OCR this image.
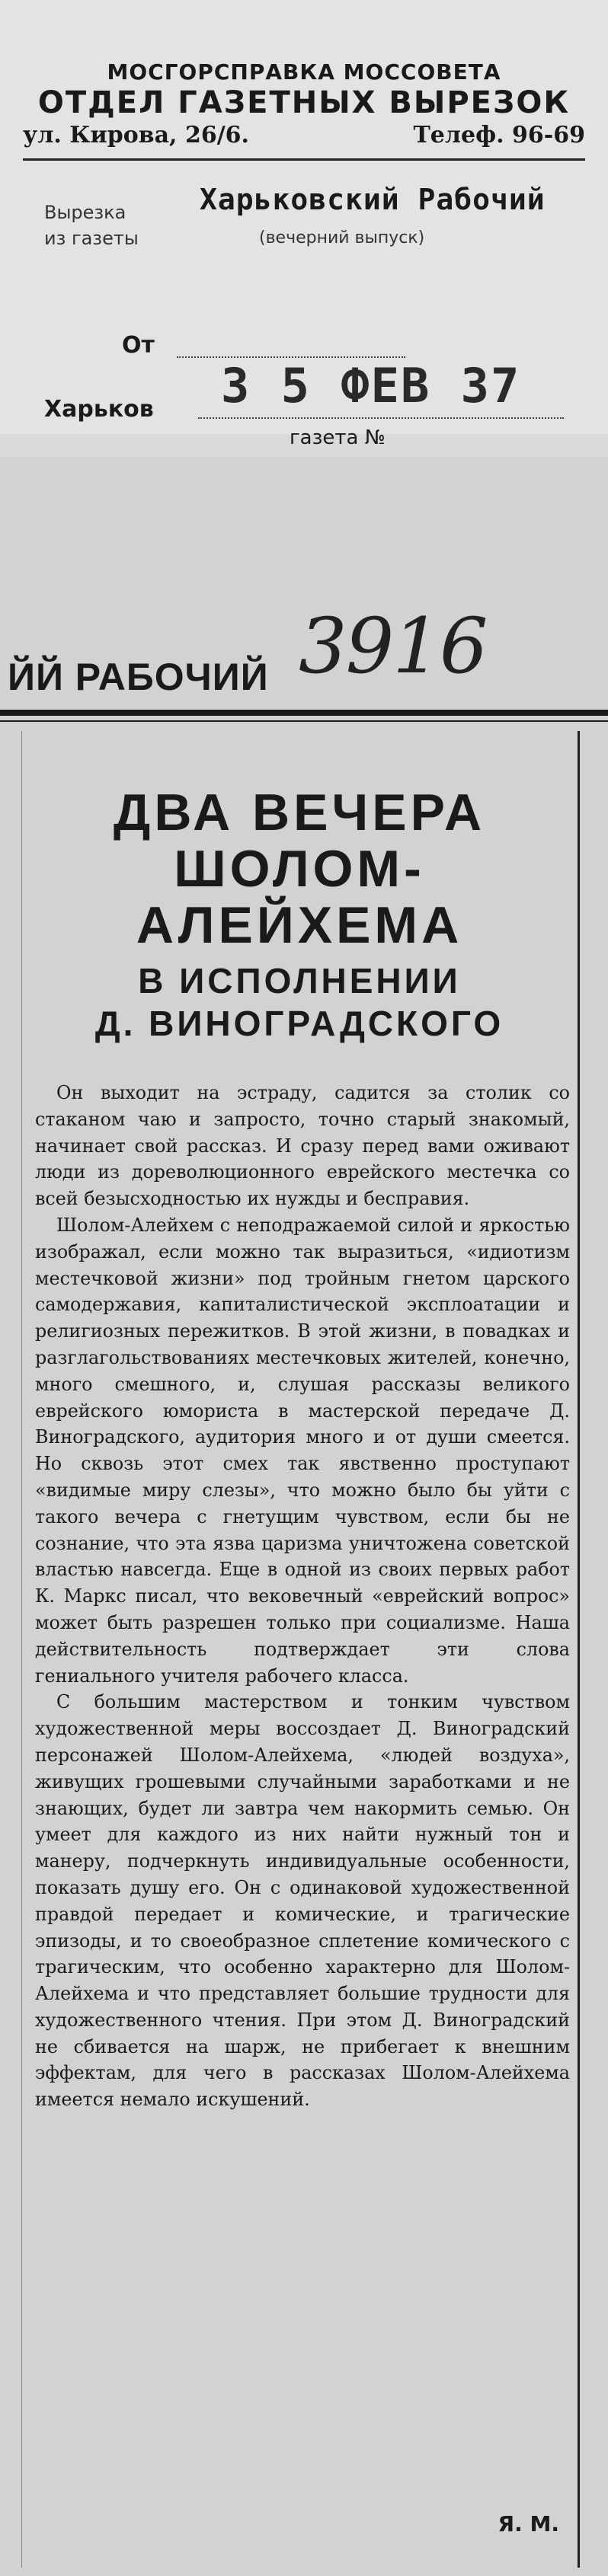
МОСГОРСПРАВКА МОССОВЕТА
ОТДЕЛ ГАЗЕТНЫХ ВЫРЕЗОК
ул. Кирова, 26/6.	Телеф. 96-69
Вырезка
из газеты
Харьковский Рабочий
(вечерний выпуск)
От
Харьков 3 5 ФЕВ 37
газета №
ЙЙ РАБОЧИЙ 3916
ДВА ВЕЧЕРА
ШОЛОМ-
АЛЕЙХЕМА
В ИСПОЛНЕНИИ
Д. ВИНОГРАДСКОГО

Он выходит на эстраду, садится за столик со стаканом чаю и запросто, точно старый знакомый, начинает свой рассказ. И сразу перед вами оживают люди из дореволюционного еврейского местечка со всей безысходностью их нужды и бесправия.

Шолом-Алейхем с неподражаемой силой и яркостью изображал, если можно так выразиться, «идиотизм местечковой жизни» под тройным гнетом царского самодержавия, капиталистической эксплоатации и религиозных пережитков. В этой жизни, в повадках и разглагольствованиях местечковых жителей, конечно, много смешного, и, слушая рассказы великого еврейского юмориста в мастерской передаче Д. Виноградского, аудитория много и от души смеется. Но сквозь этот смех так явственно проступают «видимые миру слезы», что можно было бы уйти с такого вечера с гнетущим чувством, если бы не сознание, что эта язва царизма уничтожена советской властью навсегда. Еще в одной из своих первых работ К. Маркс писал, что вековечный «еврейский вопрос» может быть разрешен только при социализме. Наша действительность подтверждает эти слова гениального учителя рабочего класса.

С большим мастерством и тонким чувством художественной меры воссоздает Д. Виноградский персонажей Шолом-Алейхема, «людей воздуха», живущих грошевыми случайными заработками и не знающих, будет ли завтра чем накормить семью. Он умеет для каждого из них найти нужный тон и манеру, подчеркнуть индивидуальные особенности, показать душу его. Он с одинаковой художественной правдой передает и комические, и трагические эпизоды, и то своеобразное сплетение комического с трагическим, что особенно характерно для Шолом-Алейхема и что представляет большие трудности для художественного чтения. При этом Д. Виноградский не сбивается на шарж, не прибегает к внешним эффектам, для чего в рассказах Шолом-Алейхема имеется немало искушений.

Я. М.
